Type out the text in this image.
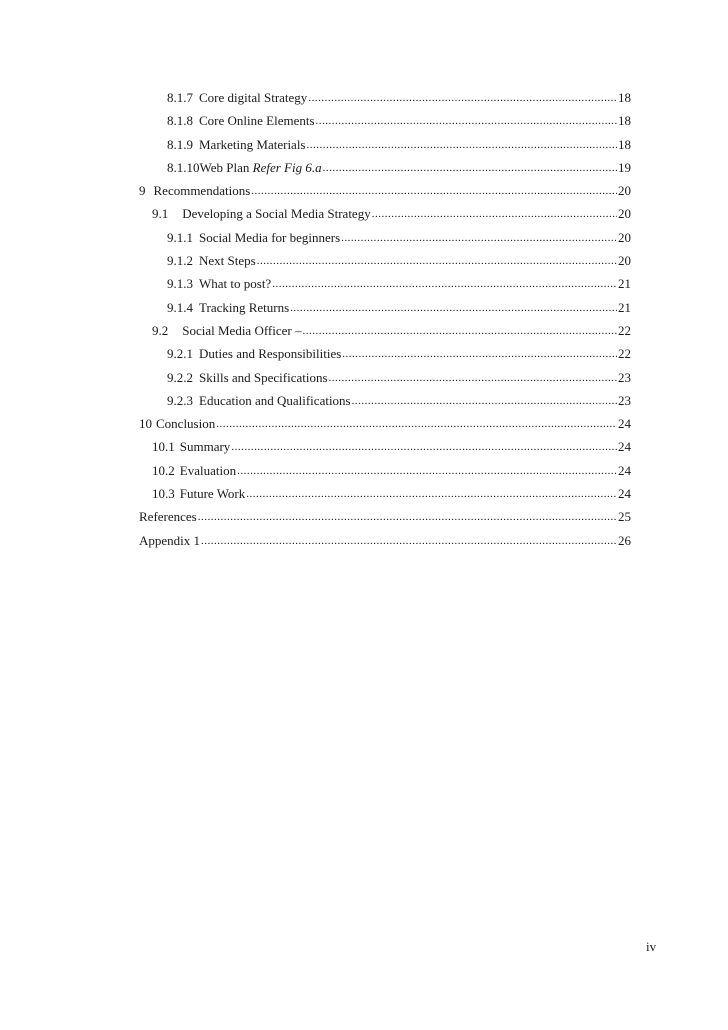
8.1.7 Core digital Strategy .....	18
8.1.8 Core Online Elements .....	18
8.1.9 Marketing Materials .....	18
8.1.10 Web Plan Refer Fig 6.a .....	19
9 Recommendations .....	20
9.1	Developing a Social Media Strategy .....	20
9.1.1 Social Media for beginners .....	20
9.1.2 Next Steps .....	20
9.1.3 What to post? .....	21
9.1.4 Tracking Returns .....	21
9.2	Social Media Officer – .....	22
9.2.1 Duties and Responsibilities .....	22
9.2.2 Skills and Specifications .....	23
9.2.3 Education and Qualifications .....	23
10 Conclusion .....	24
10.1 Summary .....	24
10.2 Evaluation .....	24
10.3 Future Work .....	24
References .....	25
Appendix 1 .....	26
iv
